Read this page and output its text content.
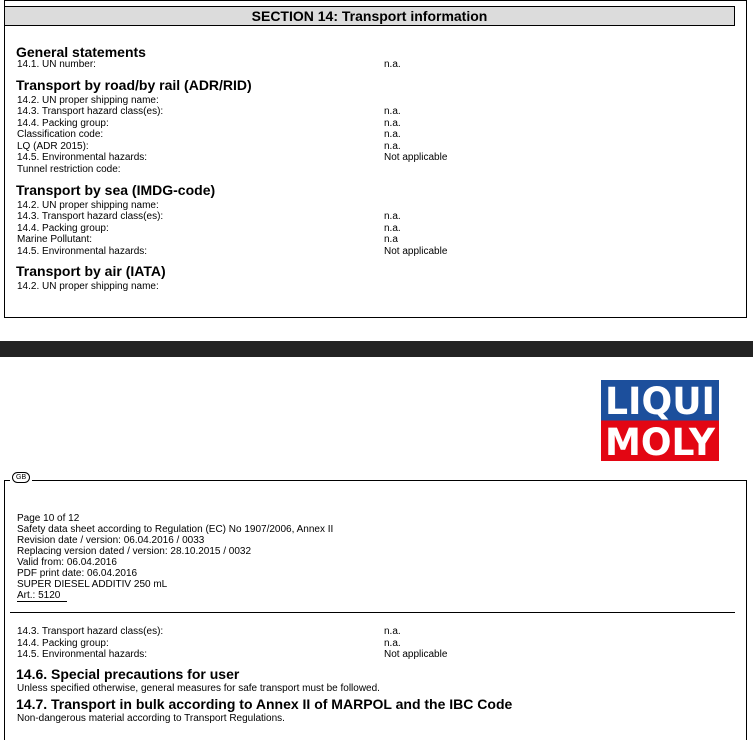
SECTION 14: Transport information
General statements
14.1. UN number:	n.a.
Transport by road/by rail (ADR/RID)
14.2. UN proper shipping name:
14.3. Transport hazard class(es):	n.a.
14.4. Packing group:	n.a.
Classification code:	n.a.
LQ (ADR 2015):	n.a.
14.5. Environmental hazards:	Not applicable
Tunnel restriction code:
Transport by sea (IMDG-code)
14.2. UN proper shipping name:
14.3. Transport hazard class(es):	n.a.
14.4. Packing group:	n.a.
Marine Pollutant:	n.a
14.5. Environmental hazards:	Not applicable
Transport by air (IATA)
14.2. UN proper shipping name:
LIQUI
MOLY
GB
Page 10 of 12
Safety data sheet according to Regulation (EC) No 1907/2006, Annex II
Revision date / version: 06.04.2016 / 0033
Replacing version dated / version: 28.10.2015 / 0032
Valid from: 06.04.2016
PDF print date: 06.04.2016
SUPER DIESEL ADDITIV 250 mL
Art.: 5120
14.3. Transport hazard class(es):	n.a.
14.4. Packing group:	n.a.
14.5. Environmental hazards:	Not applicable
14.6. Special precautions for user
Unless specified otherwise, general measures for safe transport must be followed.
14.7. Transport in bulk according to Annex II of MARPOL and the IBC Code
Non-dangerous material according to Transport Regulations.
